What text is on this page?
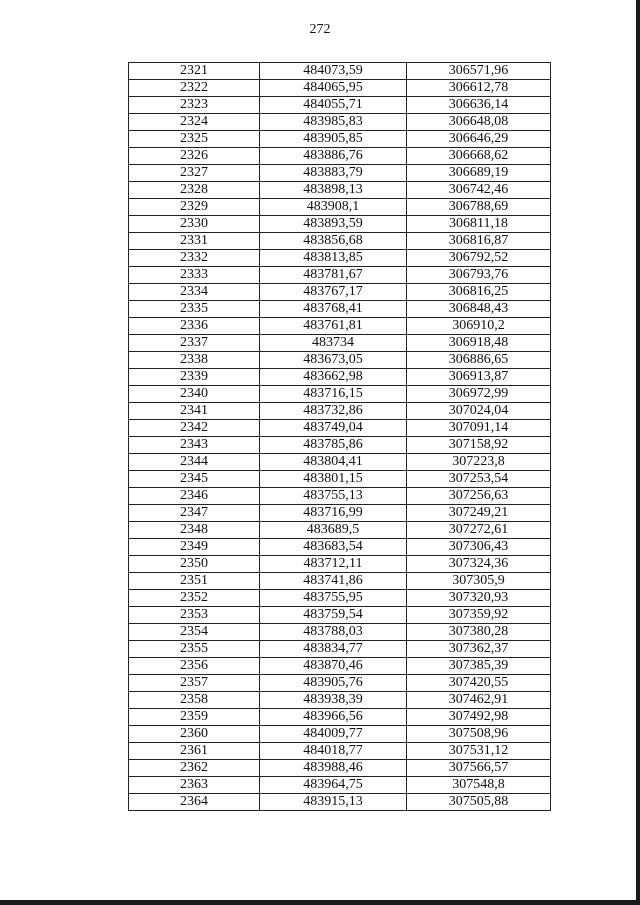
272
2321	484073,59	306571,96
2322	484065,95	306612,78
2323	484055,71	306636,14
2324	483985,83	306648,08
2325	483905,85	306646,29
2326	483886,76	306668,62
2327	483883,79	306689,19
2328	483898,13	306742,46
2329	483908,1	306788,69
2330	483893,59	306811,18
2331	483856,68	306816,87
2332	483813,85	306792,52
2333	483781,67	306793,76
2334	483767,17	306816,25
2335	483768,41	306848,43
2336	483761,81	306910,2
2337	483734	306918,48
2338	483673,05	306886,65
2339	483662,98	306913,87
2340	483716,15	306972,99
2341	483732,86	307024,04
2342	483749,04	307091,14
2343	483785,86	307158,92
2344	483804,41	307223,8
2345	483801,15	307253,54
2346	483755,13	307256,63
2347	483716,99	307249,21
2348	483689,5	307272,61
2349	483683,54	307306,43
2350	483712,11	307324,36
2351	483741,86	307305,9
2352	483755,95	307320,93
2353	483759,54	307359,92
2354	483788,03	307380,28
2355	483834,77	307362,37
2356	483870,46	307385,39
2357	483905,76	307420,55
2358	483938,39	307462,91
2359	483966,56	307492,98
2360	484009,77	307508,96
2361	484018,77	307531,12
2362	483988,46	307566,57
2363	483964,75	307548,8
2364	483915,13	307505,88
